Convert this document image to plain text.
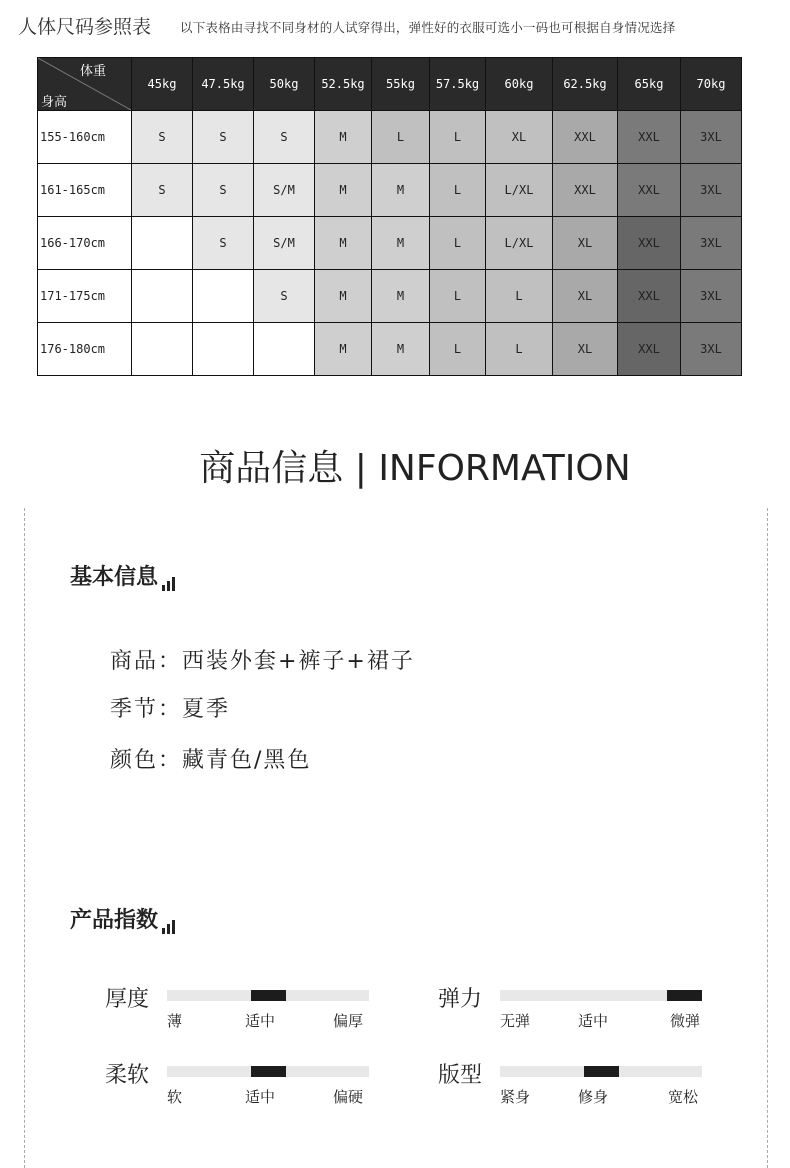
人体尺码参照表 以下表格由寻找不同身材的人试穿得出，弹性好的衣服可选小一码也可根据自身情况选择
体重
身高	45kg	47.5kg	50kg	52.5kg	55kg	57.5kg	60kg	62.5kg	65kg	70kg
155-160cm	S	S	S	M	L	L	XL	XXL	XXL	3XL
161-165cm	S	S	S/M	M	M	L	L/XL	XXL	XXL	3XL
166-170cm		S	S/M	M	M	L	L/XL	XL	XXL	3XL
171-175cm			S	M	M	L	L	XL	XXL	3XL
176-180cm				M	M	L	L	XL	XXL	3XL
商品信息 | INFORMATION
基本信息
商品：西装外套+裤子+裙子
季节：夏季
颜色：藏青色/黑色
产品指数
厚度
薄	适中	偏厚
弹力
无弹	适中	微弹
柔软
软	适中	偏硬
版型
紧身	修身	宽松
